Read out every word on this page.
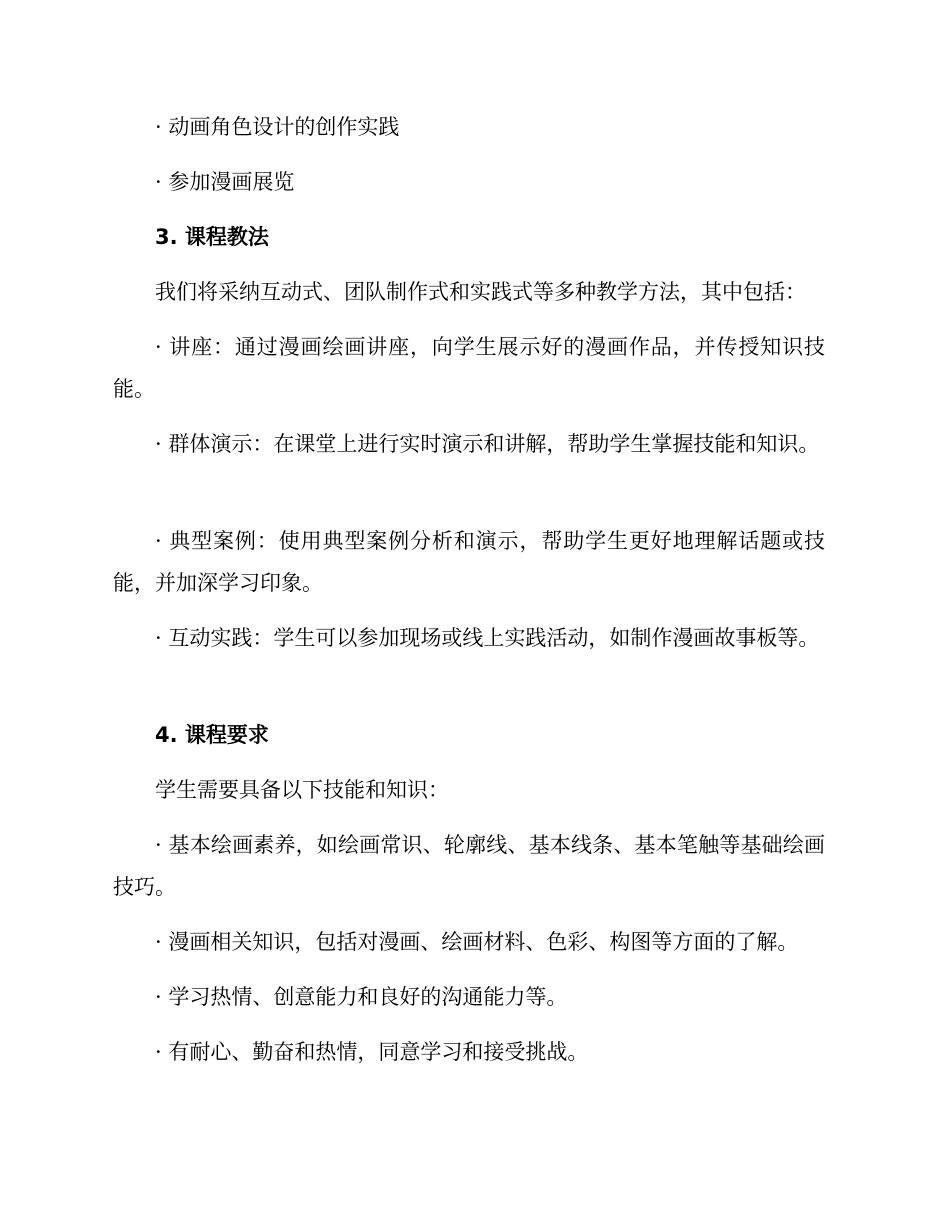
· 动画角色设计的创作实践
· 参加漫画展览
3. 课程教法
我们将采纳互动式、团队制作式和实践式等多种教学方法，其中包括：
· 讲座：通过漫画绘画讲座，向学生展示好的漫画作品，并传授知识技能。
· 群体演示：在课堂上进行实时演示和讲解，帮助学生掌握技能和知识。
· 典型案例：使用典型案例分析和演示，帮助学生更好地理解话题或技能，并加深学习印象。
· 互动实践：学生可以参加现场或线上实践活动，如制作漫画故事板等。
4. 课程要求
学生需要具备以下技能和知识：
· 基本绘画素养，如绘画常识、轮廓线、基本线条、基本笔触等基础绘画技巧。
· 漫画相关知识，包括对漫画、绘画材料、色彩、构图等方面的了解。
· 学习热情、创意能力和良好的沟通能力等。
· 有耐心、勤奋和热情，同意学习和接受挑战。
